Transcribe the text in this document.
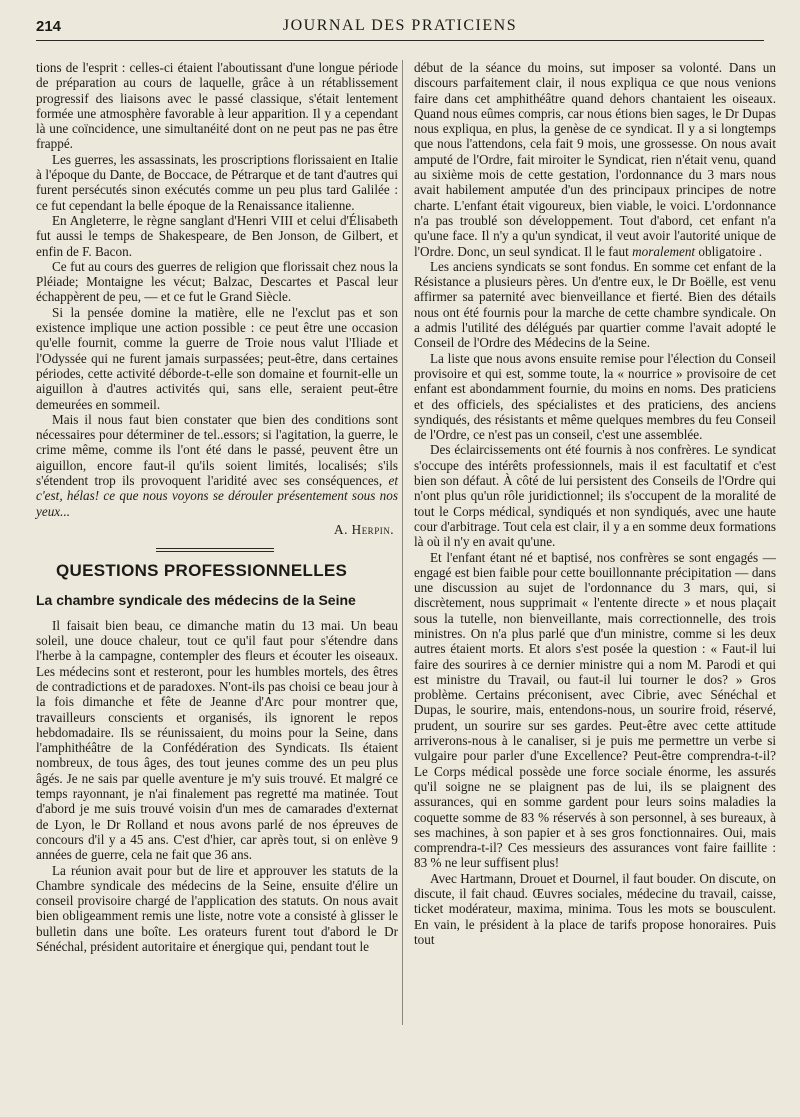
214	JOURNAL DES PRATICIENS

tions de l'esprit : celles-ci étaient l'aboutissant d'une longue période de préparation au cours de laquelle, grâce à un rétablissement progressif des liaisons avec le passé classique, s'était lentement formée une atmosphère favorable à leur apparition. Il y a cependant là une coïncidence, une simultanéité dont on ne peut pas ne pas être frappé.

Les guerres, les assassinats, les proscriptions florissaient en Italie à l'époque du Dante, de Boccace, de Pétrarque et de tant d'autres qui furent persécutés sinon exécutés comme un peu plus tard Galilée : ce fut cependant la belle époque de la Renaissance italienne.

En Angleterre, le règne sanglant d'Henri VIII et celui d'Élisabeth fut aussi le temps de Shakespeare, de Ben Jonson, de Gilbert, et enfin de F. Bacon.

Ce fut au cours des guerres de religion que florissait chez nous la Pléiade; Montaigne les vécut; Balzac, Descartes et Pascal leur échappèrent de peu, — et ce fut le Grand Siècle.

Si la pensée domine la matière, elle ne l'exclut pas et son existence implique une action possible : ce peut être une occasion qu'elle fournit, comme la guerre de Troie nous valut l'Iliade et l'Odyssée qui ne furent jamais surpassées; peut-être, dans certaines périodes, cette activité déborde-t-elle son domaine et fournit-elle un aiguillon à d'autres activités qui, sans elle, seraient peut-être demeurées en sommeil.

Mais il nous faut bien constater que bien des conditions sont nécessaires pour déterminer de tel..essors; si l'agitation, la guerre, le crime même, comme ils l'ont été dans le passé, peuvent être un aiguillon, encore faut-il qu'ils soient limités, localisés; s'ils s'étendent trop ils provoquent l'aridité avec ses conséquences, et c'est, hélas! ce que nous voyons se dérouler présentement sous nos yeux...

A. Herpin.
QUESTIONS PROFESSIONNELLES
La chambre syndicale des médecins de la Seine

Il faisait bien beau, ce dimanche matin du 13 mai. Un beau soleil, une douce chaleur, tout ce qu'il faut pour s'étendre dans l'herbe à la campagne, contempler des fleurs et écouter les oiseaux. Les médecins sont et resteront, pour les humbles mortels, des êtres de contradictions et de paradoxes. N'ont-ils pas choisi ce beau jour à la fois dimanche et fête de Jeanne d'Arc pour montrer que, travailleurs conscients et organisés, ils ignorent le repos hebdomadaire. Ils se réunissaient, du moins pour la Seine, dans l'amphithéâtre de la Confédération des Syndicats. Ils étaient nombreux, de tous âges, des tout jeunes comme des un peu plus âgés. Je ne sais par quelle aventure je m'y suis trouvé. Et malgré ce temps rayonnant, je n'ai finalement pas regretté ma matinée. Tout d'abord je me suis trouvé voisin d'un mes de camarades d'externat de Lyon, le Dr Rolland et nous avons parlé de nos épreuves de concours d'il y a 45 ans. C'est d'hier, car après tout, si on enlève 9 années de guerre, cela ne fait que 36 ans.

La réunion avait pour but de lire et approuver les statuts de la Chambre syndicale des médecins de la Seine, ensuite d'élire un conseil provisoire chargé de l'application des statuts. On nous avait bien obligeamment remis une liste, notre vote a consisté à glisser le bulletin dans une boîte. Les orateurs furent tout d'abord le Dr Sénéchal, président autoritaire et énergique qui, pendant tout le

début de la séance du moins, sut imposer sa volonté. Dans un discours parfaitement clair, il nous expliqua ce que nous venions faire dans cet amphithéâtre quand dehors chantaient les oiseaux. Quand nous eûmes compris, car nous étions bien sages, le Dr Dupas nous expliqua, en plus, la genèse de ce syndicat. Il y a si longtemps que nous l'attendons, cela fait 9 mois, une grossesse. On nous avait amputé de l'Ordre, fait miroiter le Syndicat, rien n'était venu, quand au sixième mois de cette gestation, l'ordonnance du 3 mars nous avait habilement amputée d'un des principaux principes de notre charte. L'enfant était vigoureux, bien viable, le voici. L'ordonnance n'a pas troublé son développement. Tout d'abord, cet enfant n'a qu'une face. Il n'y a qu'un syndicat, il veut avoir l'autorité unique de l'Ordre. Donc, un seul syndicat. Il le faut moralement obligatoire .

Les anciens syndicats se sont fondus. En somme cet enfant de la Résistance a plusieurs pères. Un d'entre eux, le Dr Boëlle, est venu affirmer sa paternité avec bienveillance et fierté. Bien des détails nous ont été fournis pour la marche de cette chambre syndicale. On a admis l'utilité des délégués par quartier comme l'avait adopté le Conseil de l'Ordre des Médecins de la Seine.

La liste que nous avons ensuite remise pour l'élection du Conseil provisoire et qui est, somme toute, la « nourrice » provisoire de cet enfant est abondamment fournie, du moins en noms. Des praticiens et des officiels, des spécialistes et des praticiens, des anciens syndiqués, des résistants et même quelques membres du feu Conseil de l'Ordre, ce n'est pas un conseil, c'est une assemblée.

Des éclaircissements ont été fournis à nos confrères. Le syndicat s'occupe des intérêts professionnels, mais il est facultatif et c'est bien son défaut. À côté de lui persistent des Conseils de l'Ordre qui n'ont plus qu'un rôle juridictionnel; ils s'occupent de la moralité de tout le Corps médical, syndiqués et non syndiqués, avec une haute cour d'arbitrage. Tout cela est clair, il y a en somme deux formations là où il n'y en avait qu'une.

Et l'enfant étant né et baptisé, nos confrères se sont engagés — engagé est bien faible pour cette bouillonnante précipitation — dans une discussion au sujet de l'ordonnance du 3 mars, qui, si discrètement, nous supprimait « l'entente directe » et nous plaçait sous la tutelle, non bienveillante, mais correctionnelle, des trois ministres. On n'a plus parlé que d'un ministre, comme si les deux autres étaient morts. Et alors s'est posée la question : « Faut-il lui faire des sourires à ce dernier ministre qui a nom M. Parodi et qui est ministre du Travail, ou faut-il lui tourner le dos? » Gros problème. Certains préconisent, avec Cibrie, avec Sénéchal et Dupas, le sourire, mais, entendons-nous, un sourire froid, réservé, prudent, un sourire sur ses gardes. Peut-être avec cette attitude arriverons-nous à le canaliser, si je puis me permettre un verbe si vulgaire pour parler d'une Excellence? Peut-être comprendra-t-il? Le Corps médical possède une force sociale énorme, les assurés qu'il soigne ne se plaignent pas de lui, ils se plaignent des assurances, qui en somme gardent pour leurs soins maladies la coquette somme de 83 % réservés à son personnel, à ses bureaux, à ses machines, à son papier et à ses gros fonctionnaires. Oui, mais comprendra-t-il? Ces messieurs des assurances vont faire faillite : 83 % ne leur suffisent plus!

Avec Hartmann, Drouet et Dournel, il faut bouder. On discute, on discute, il fait chaud. Œuvres sociales, médecine du travail, caisse, ticket modérateur, maxima, minima. Tous les mots se bousculent. En vain, le président à la place de tarifs propose honoraires. Puis tout
